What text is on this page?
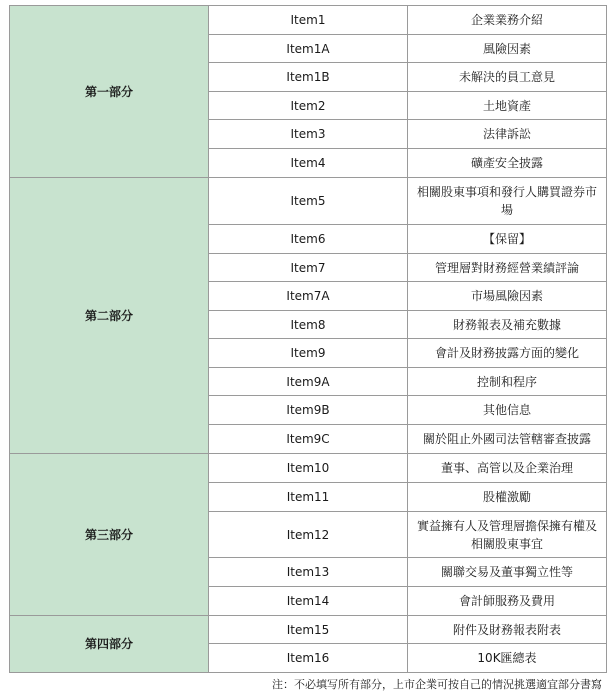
第一部分	Item1	企業業務介紹
	Item1A	風險因素
	Item1B	未解決的員工意見
	Item2	土地資產
	Item3	法律訴訟
	Item4	礦產安全披露
第二部分	Item5	相關股東事項和發行人購買證券市場
	Item6	【保留】
	Item7	管理層對財務經營業績評論
	Item7A	市場風險因素
	Item8	財務報表及補充數據
	Item9	會計及財務披露方面的變化
	Item9A	控制和程序
	Item9B	其他信息
	Item9C	關於阻止外國司法管轄審查披露
第三部分	Item10	董事、高管以及企業治理
	Item11	股權激勵
	Item12	實益擁有人及管理層擔保擁有權及相關股東事宜
	Item13	關聯交易及董事獨立性等
	Item14	會計師服務及費用
第四部分	Item15	附件及財務報表附表
	Item16	10K匯總表
注：不必填写所有部分，上市企業可按自己的情況挑選適宜部分書寫
